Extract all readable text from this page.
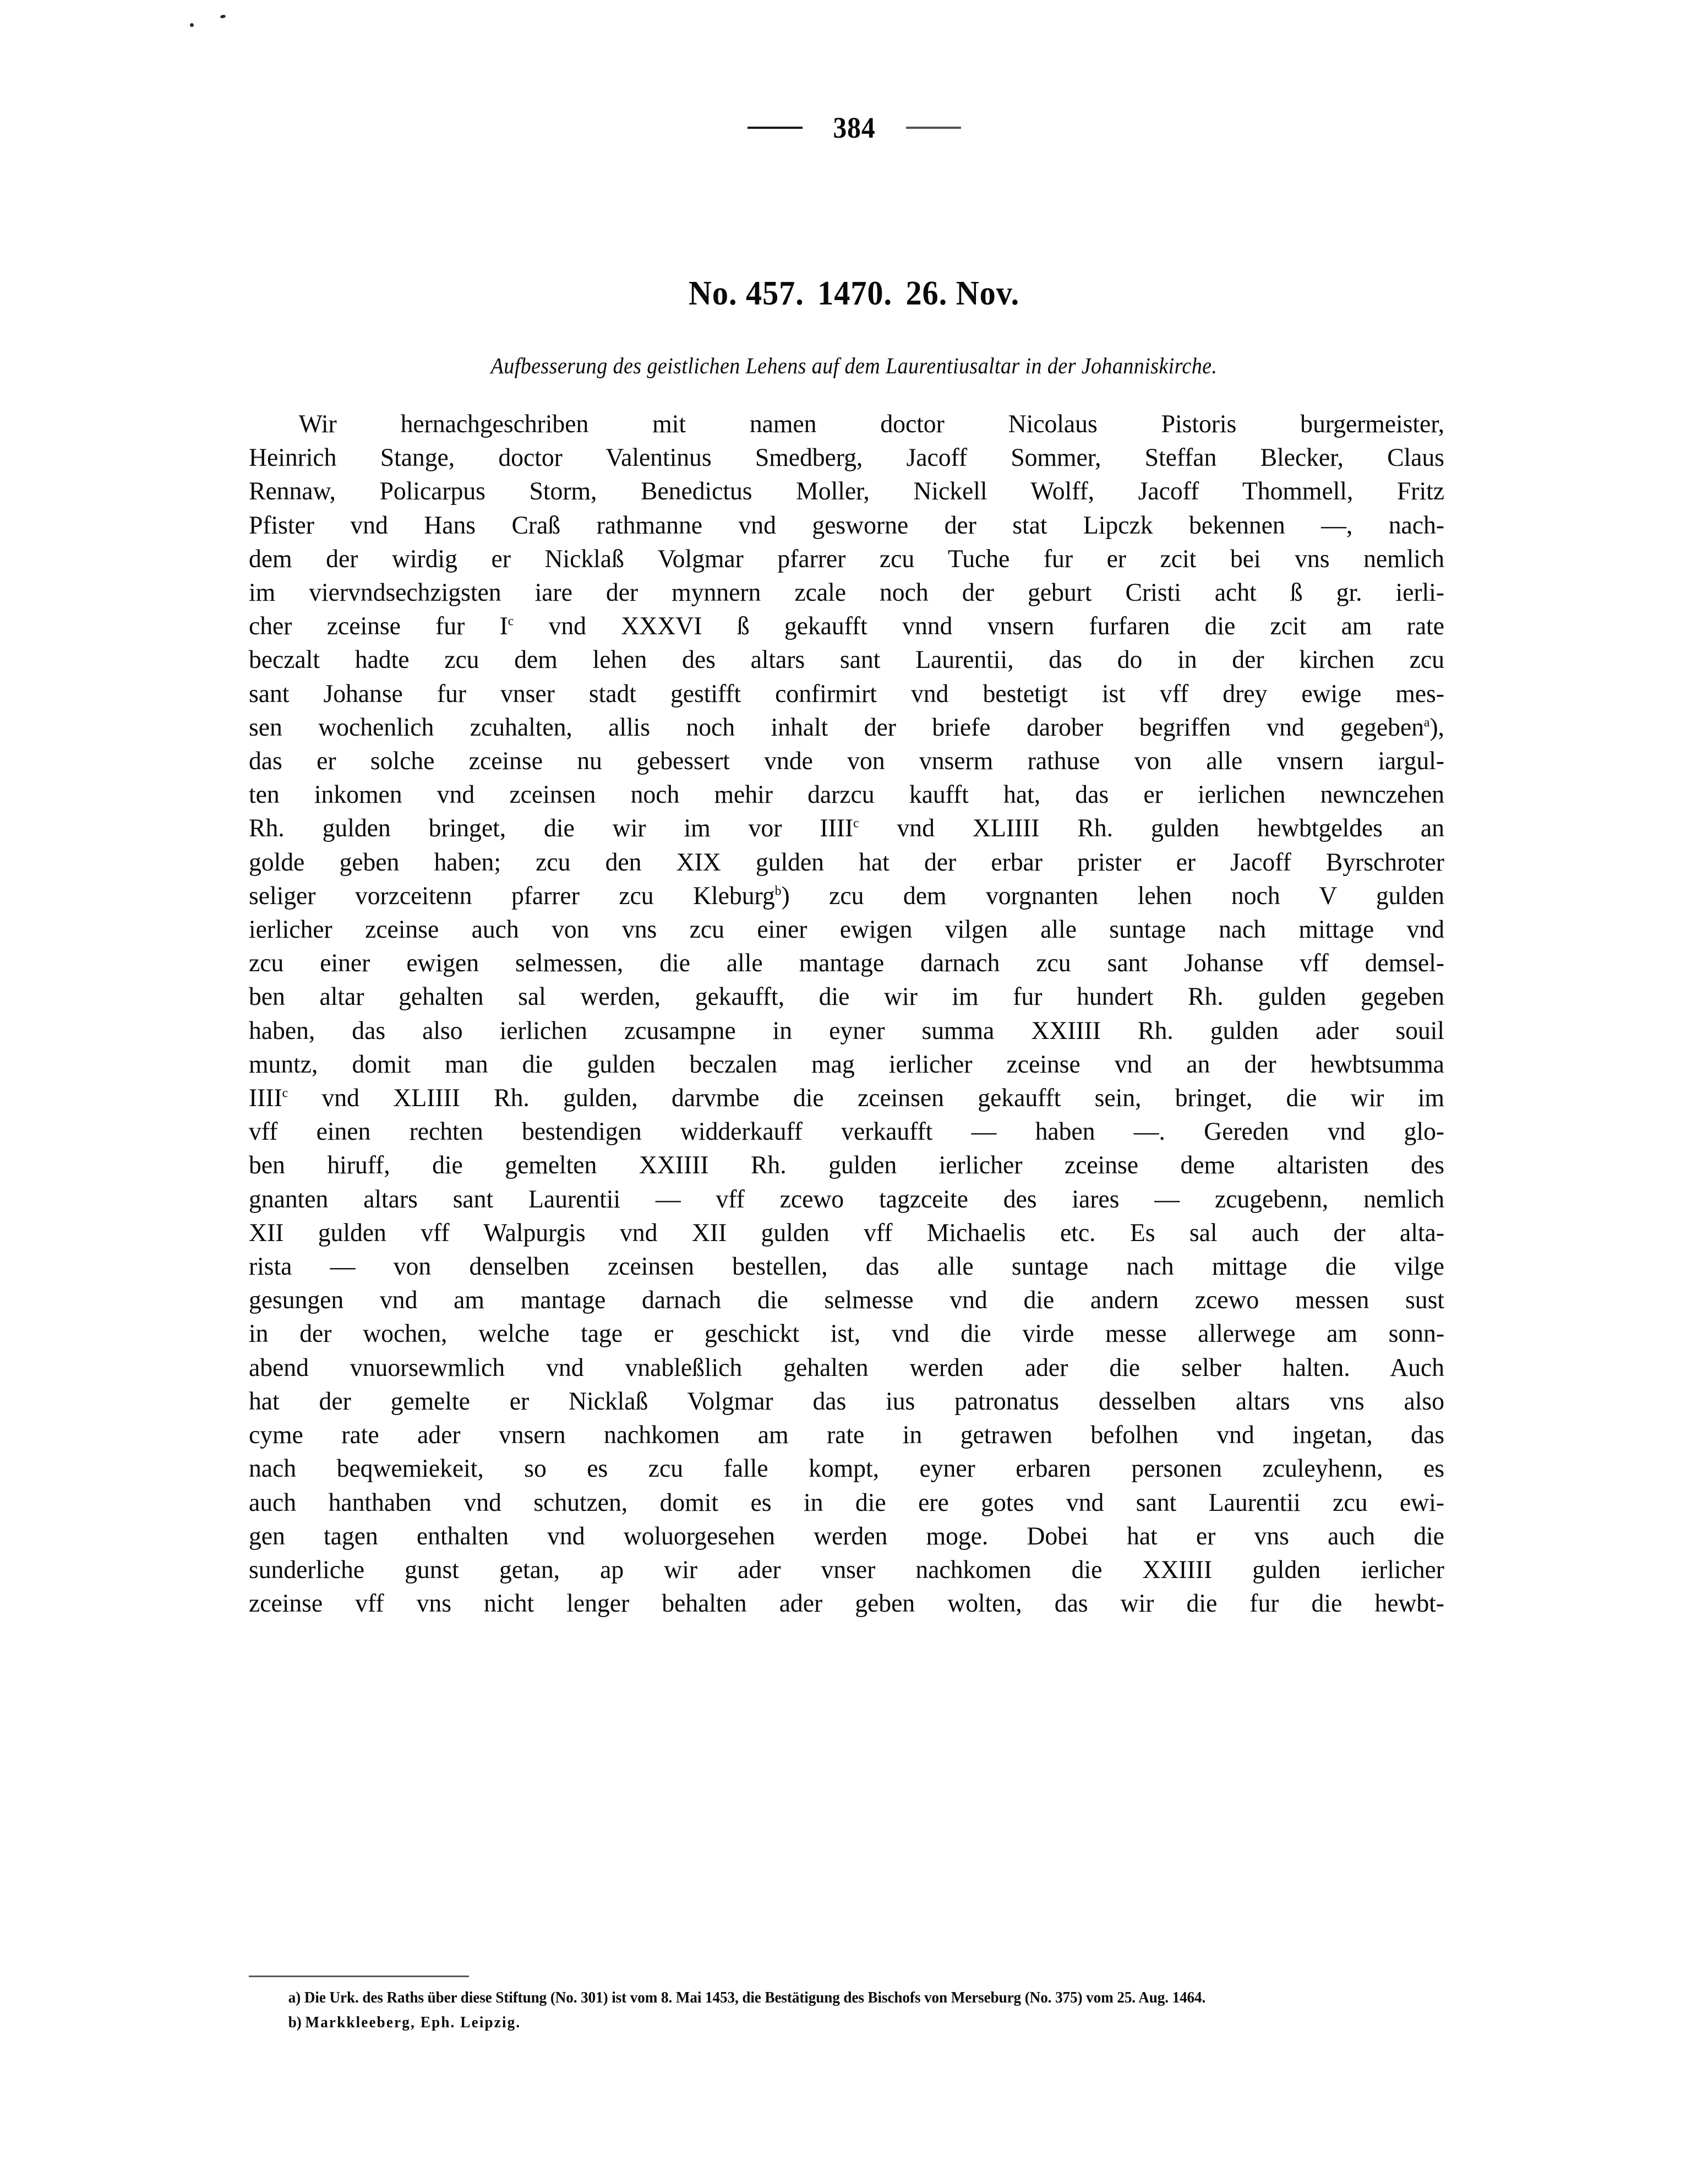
384
No. 457. 1470. 26. Nov.
Aufbesserung des geistlichen Lehens auf dem Laurentiusaltar in der Johanniskirche.

Wir hernachgeschriben mit namen doctor Nicolaus Pistoris burgermeister,
Heinrich Stange, doctor Valentinus Smedberg, Jacoff Sommer, Steffan Blecker, Claus
Rennaw, Policarpus Storm, Benedictus Moller, Nickell Wolff, Jacoff Thommell, Fritz
Pfister vnd Hans Craß rathmanne vnd gesworne der stat Lipczk bekennen —, nach-
dem der wirdig er Nicklaß Volgmar pfarrer zcu Tuche fur er zcit bei vns nemlich
im viervndsechzigsten iare der mynnern zcale noch der geburt Cristi acht ß gr. ierli-
cher zceinse fur $I^c$ vnd XXXVI ß gekaufft vnnd vnsern furfaren die zcit am rate
beczalt hadte zcu dem lehen des altars sant Laurentii, das do in der kirchen zcu
sant Johanse fur vnser stadt gestifft confirmirt vnd bestetigt ist vff drey ewige mes-
sen wochenlich zcuhalten, allis noch inhalt der briefe darober begriffen vnd gegeben$^a$),
das er solche zceinse nu gebessert vnde von vnserm rathuse von alle vnsern iargul-
ten inkomen vnd zceinsen noch mehir darzcu kaufft hat, das er ierlichen newnczehen
Rh. gulden bringet, die wir im vor IIII$^c$ vnd XLIIII Rh. gulden hewbtgeldes an
golde geben haben; zcu den XIX gulden hat der erbar prister er Jacoff Byrschroter
seliger vorzceitenn pfarrer zcu Kleburg$^b$) zcu dem vorgnanten lehen noch V gulden
ierlicher zceinse auch von vns zcu einer ewigen vilgen alle suntage nach mittage vnd
zcu einer ewigen selmessen, die alle mantage darnach zcu sant Johanse vff demsel-
ben altar gehalten sal werden, gekaufft, die wir im fur hundert Rh. gulden gegeben
haben, das also ierlichen zcusampne in eyner summa XXIIII Rh. gulden ader souil
muntz, domit man die gulden beczalen mag ierlicher zceinse vnd an der hewbtsumma
IIII$^c$ vnd XLIIII Rh. gulden, darvmbe die zceinsen gekaufft sein, bringet, die wir im
vff einen rechten bestendigen widderkauff verkaufft — haben —. Gereden vnd glo-
ben hiruff, die gemelten XXIIII Rh. gulden ierlicher zceinse deme altaristen des
gnanten altars sant Laurentii — vff zcewo tagzceite des iares — zcugebenn, nemlich
XII gulden vff Walpurgis vnd XII gulden vff Michaelis etc. Es sal auch der alta-
rista — von denselben zceinsen bestellen, das alle suntage nach mittage die vilge
gesungen vnd am mantage darnach die selmesse vnd die andern zcewo messen sust
in der wochen, welche tage er geschickt ist, vnd die virde messe allerwege am sonn-
abend vnuorsewmlich vnd vnableßlich gehalten werden ader die selber halten. Auch
hat der gemelte er Nicklaß Volgmar das ius patronatus desselben altars vns also
cyme rate ader vnsern nachkomen am rate in getrawen befolhen vnd ingetan, das
nach beqwemiekeit, so es zcu falle kompt, eyner erbaren personen zculeyhenn, es
auch hanthaben vnd schutzen, domit es in die ere gotes vnd sant Laurentii zcu ewi-
gen tagen enthalten vnd woluorgesehen werden moge. Dobei hat er vns auch die
sunderliche gunst getan, ap wir ader vnser nachkomen die XXIIII gulden ierlicher
zceinse vff vns nicht lenger behalten ader geben wolten, das wir die fur die hewbt-

a) Die Urk. des Raths über diese Stiftung (No. 301) ist vom 8. Mai 1453, die Bestätigung des Bischofs von Merseburg (No. 375) vom 25. Aug. 1464.

b) Markkleeberg, Eph. Leipzig.
